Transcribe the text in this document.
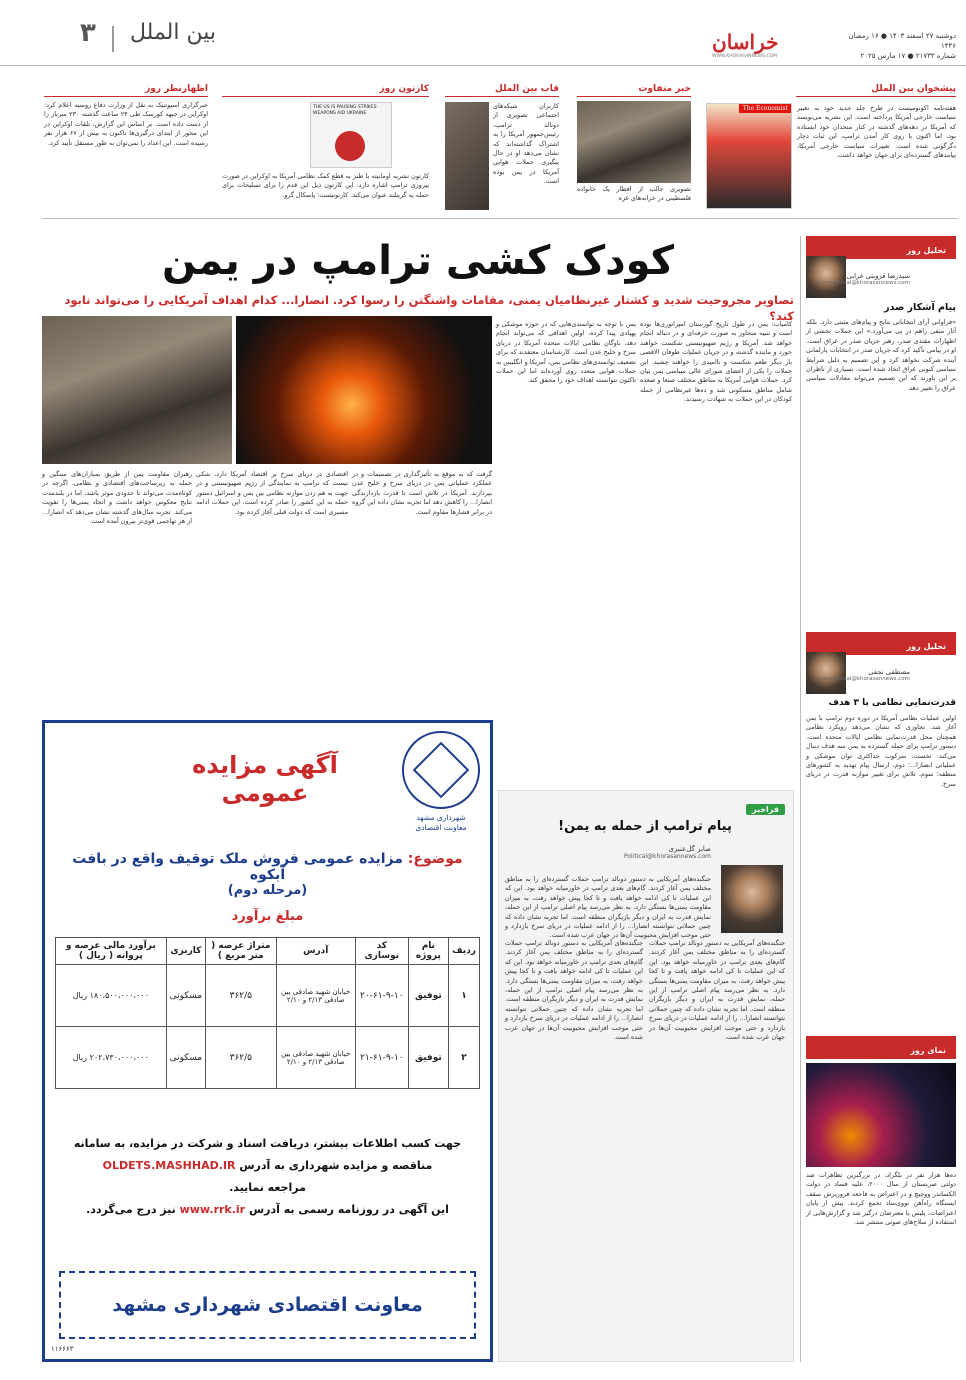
۳ بین الملل	خراسان
WWW.KHORASANNEWS.COM
دوشنبه ۲۷ اسفند ۱۴۰۳ ● ۱۶ رمضان ۱۴۴۶
شماره ۲۱۷۳۳ ● ۱۷ مارس ۲۰۲۵
پیشخوان بین الملل
The Economist	هفته‌نامه اکونومیست در طرح جلد جدید خود به تغییر سیاست خارجی آمریکا پرداخته است. این نشریه می‌نویسد که آمریکا در دهه‌های گذشته در کنار متحدان خود ایستاده بود، اما اکنون با روی کار آمدن ترامپ، این ثبات دچار دگرگونی شده است. تغییرات سیاست خارجی آمریکا، پیامدهای گسترده‌ای برای جهان خواهد داشت.
خبر متفاوت
تصویری جالب از افطار یک خانواده فلسطینی در خرابه‌های غزه
قاب بین الملل
کاربران شبکه‌های اجتماعی تصویری از دونالد ترامپ، رئیس‌جمهور آمریکا را به اشتراک گذاشته‌اند که نشان می‌دهد او در حال پیگیری حملات هوایی آمریکا در یمن بوده است.
کارتون روز
THE US IS PAUSING STRIKES WEAPONS AID UKRAINE
کارتون نشریه اومانیته با طنز به قطع کمک نظامی آمریکا به اوکراین در صورت پیروزی ترامپ اشاره دارد. این کارتون ذیل این قدم را برای تسلیحات برای حمله به گرینلند عنوان می‌کند. کارتونیست: پاسکال گرو.
اظهارنظر روز
خبرگزاری اسپوتنیک به نقل از وزارت دفاع روسیه اعلام کرد: اوکراین در جبهه کورسک طی ۲۴ ساعت گذشته ۲۳۰ سرباز را از دست داده است. بر اساس این گزارش، تلفات اوکراین در این محور از ابتدای درگیری‌ها تاکنون به بیش از ۶۷ هزار نفر رسیده است. این اعداد را نمی‌توان به طور مستقل تأیید کرد.
کودک کشی ترامپ در یمن
تصاویر مجروحیت شدید و کشتار غیرنظامیان یمنی، مقامات واشنگتن را رسوا کرد. انصارا... کدام اهداف آمریکایی را می‌تواند نابود کند؟
کامیاب: یمن در طول تاریخ گورستان امپراتوری‌ها بوده است و تنبیه متجاوز به صورت حرفه‌ای و در دنباله انجام خواهد شد. آمریکا و رژیم صهیونیستی شکست خواهند خورد و ماننده گذشته و در جریان عملیات طوفان الاقصی بار دیگر طعم شکست و ناامیدی را خواهند چشید. این جملات را یکی از اعضای شورای عالی سیاسی یمن بیان کرد. حملات هوایی آمریکا به مناطق مختلف صنعا و صعده شامل مناطق مسکونی شد و ده‌ها غیرنظامی از جمله کودکان در این حملات به شهادت رسیدند.
یمن با توجه به توانمندی‌هایی که در حوزه موشکی و پهپادی پیدا کرده، اولین اهدافی که می‌تواند انجام دهد، ناوگان نظامی ایالات متحده آمریکا در دریای سرخ و خلیج عدن است. کارشناسان معتقدند که برای تضعیف توانمندی‌های نظامی یمن، آمریکا و انگلیس به حملات هوایی متعدد روی آورده‌اند اما این حملات تاکنون نتوانسته اهداف خود را محقق کند.
گرفت که به موقع به تأثیرگذاری در تصمیمات و در عملکرد عملیاتی یمن در دریای سرخ و خلیج عدن بپردازند. آمریکا در تلاش است تا قدرت بازدارندگی انصارا... را کاهش دهد اما تجربه نشان داده این گروه در برابر فشارها مقاوم است.
اقتصادی در دریای سرخ بر اقتصاد آمریکا دارد، شکی نیست که ترامپ به نمایندگی از رژیم صهیونیستی و در جهت به هم زدن موازنه نظامی بین یمن و اسرائیل دستور حمله به این کشور را صادر کرده است. این حملات ادامه مسیری است که دولت قبلی آغاز کرده بود.
رهبران مقاومت یمن از طریق بمباران‌های سنگین و حمله به زیرساخت‌های اقتصادی و نظامی، اگرچه در کوتاه‌مدت می‌تواند تا حدودی موثر باشد، اما در بلندمدت نتایج معکوس خواهد داشت و اتحاد یمنی‌ها را تقویت می‌کند. تجربه سال‌های گذشته نشان می‌دهد که انصارا... از هر تهاجمی قوی‌تر بیرون آمده است.
فراخبر
پیام ترامپ از حمله به یمن!
صابر گل‌عنبری
Political@khorasannews.com
جنگنده‌های آمریکایی به دستور دونالد ترامپ حملات گسترده‌ای را به مناطق مختلف یمن آغاز کردند. گام‌های بعدی ترامپ در خاورمیانه خواهد بود. این که این عملیات تا کی ادامه خواهد یافت و تا کجا پیش خواهد رفت، به میزان مقاومت یمنی‌ها بستگی دارد. به نظر می‌رسد پیام اصلی ترامپ از این حمله، نمایش قدرت به ایران و دیگر بازیگران منطقه است. اما تجربه نشان داده که چنین حملاتی نتوانسته انصارا... را از ادامه عملیات در دریای سرخ بازدارد و حتی موجب افزایش محبوبیت آن‌ها در جهان عرب شده است.
جنگنده‌های آمریکایی به دستور دونالد ترامپ حملات گسترده‌ای را به مناطق مختلف یمن آغاز کردند. گام‌های بعدی ترامپ در خاورمیانه خواهد بود. این که این عملیات تا کی ادامه خواهد یافت و تا کجا پیش خواهد رفت، به میزان مقاومت یمنی‌ها بستگی دارد. به نظر می‌رسد پیام اصلی ترامپ از این حمله، نمایش قدرت به ایران و دیگر بازیگران منطقه است. اما تجربه نشان داده که چنین حملاتی نتوانسته انصارا... را از ادامه عملیات در دریای سرخ بازدارد و حتی موجب افزایش محبوبیت آن‌ها در جهان عرب شده است.
جنگنده‌های آمریکایی به دستور دونالد ترامپ حملات گسترده‌ای را به مناطق مختلف یمن آغاز کردند. گام‌های بعدی ترامپ در خاورمیانه خواهد بود. این که این عملیات تا کی ادامه خواهد یافت و تا کجا پیش خواهد رفت، به میزان مقاومت یمنی‌ها بستگی دارد. به نظر می‌رسد پیام اصلی ترامپ از این حمله، نمایش قدرت به ایران و دیگر بازیگران منطقه است. اما تجربه نشان داده که چنین حملاتی نتوانسته انصارا... را از ادامه عملیات در دریای سرخ بازدارد و حتی موجب افزایش محبوبیت آن‌ها در جهان عرب شده است.
تحلیل روز
سیدرضا قزوینی غرابی
international@khorasannews.com
پیام آشکار صدر
«فراوانی آرای انتخاباتی نتایج و پیام‌های مثبتی دارد. بلکه آثار منفی راهم در پی می‌آورد.» این جملات بخشی از اظهارات مقتدی صدر، رهبر جریان صدر در عراق است. او در پیامی تأکید کرد که جریان صدر در انتخابات پارلمانی آینده شرکت نخواهد کرد و این تصمیم به دلیل شرایط سیاسی کنونی عراق اتخاذ شده است. بسیاری از ناظران بر این باورند که این تصمیم می‌تواند معادلات سیاسی عراق را تغییر دهد.
تحلیل روز
مصطفی نجفی
international@khorasannews.com
قدرت‌نمایی نظامی با ۳ هدف
اولین عملیات نظامی آمریکا در دوره دوم ترامپ با یمن آغاز شد. تجاوزی که نشان می‌دهد رویکرد نظامی همچنان محل قدرت‌نمایی نظامی ایالات متحده است. دستور ترامپ برای حمله گسترده به یمن سه هدف دنبال می‌کند: نخست، سرکوب حداکثری توان موشکی و عملیاتی انصارا...؛ دوم، ارسال پیام تهدید به کشورهای منطقه؛ سوم، تلاش برای تغییر موازنه قدرت در دریای سرخ.
نمای روز
ده‌ها هزار نفر در بلگراد، در بزرگترین تظاهرات ضد دولتی صربستان از سال ۲۰۰۰، علیه فساد در دولت الکساندر ووچیچ و در اعتراض به فاجعه فروریزش سقف ایستگاه راه‌آهن نووی‌ساد تجمع کردند. پیش از پایان اعتراضات، پلیس با معترضان درگیر شد و گزارش‌هایی از استفاده از سلاح‌های صوتی منتشر شد.
شهرداری مشهد
معاونت اقتصادی
آگهی مزایده عمومی
موضوع: مزایده عمومی فروش ملک توقیف واقع در بافت آبکوه
(مرحله دوم)
مبلغ برآورد
ردیف	نام پروژه	کد نوسازی	آدرس	متراژ عرصه ( متر مربع )	کاربری	برآورد مالی عرصه و پروانه ( ریال )
۱	توفیق	۲۰-۶۱-۹-۱۰	خیابان شهید صادقی بین صادقی ۲/۱۳ و ۲/۱۰	۳۶۲/۵	مسکونی	۱۸۰،۵۰۰،۰۰۰،۰۰۰ ریال
۲	توفیق	۲۱-۶۱-۹-۱۰	خیابان شهید صادقی بین صادقی ۲/۱۳ و ۲/۱۰	۳۶۲/۵	مسکونی	۲۰۲،۷۳۰،۰۰۰،۰۰۰ ریال
جهت کسب اطلاعات بیشتر، دریافت اسناد و شرکت در مزایده، به سامانه
مناقصه و مزایده شهرداری به آدرس OLDETS.MASHHAD.IR
مراجعه نمایید.
این آگهی در روزنامه رسمی به آدرس www.rrk.ir نیز درج می‌گردد.
معاونت اقتصادی شهرداری مشهد
۱۱۶۶۶۳
